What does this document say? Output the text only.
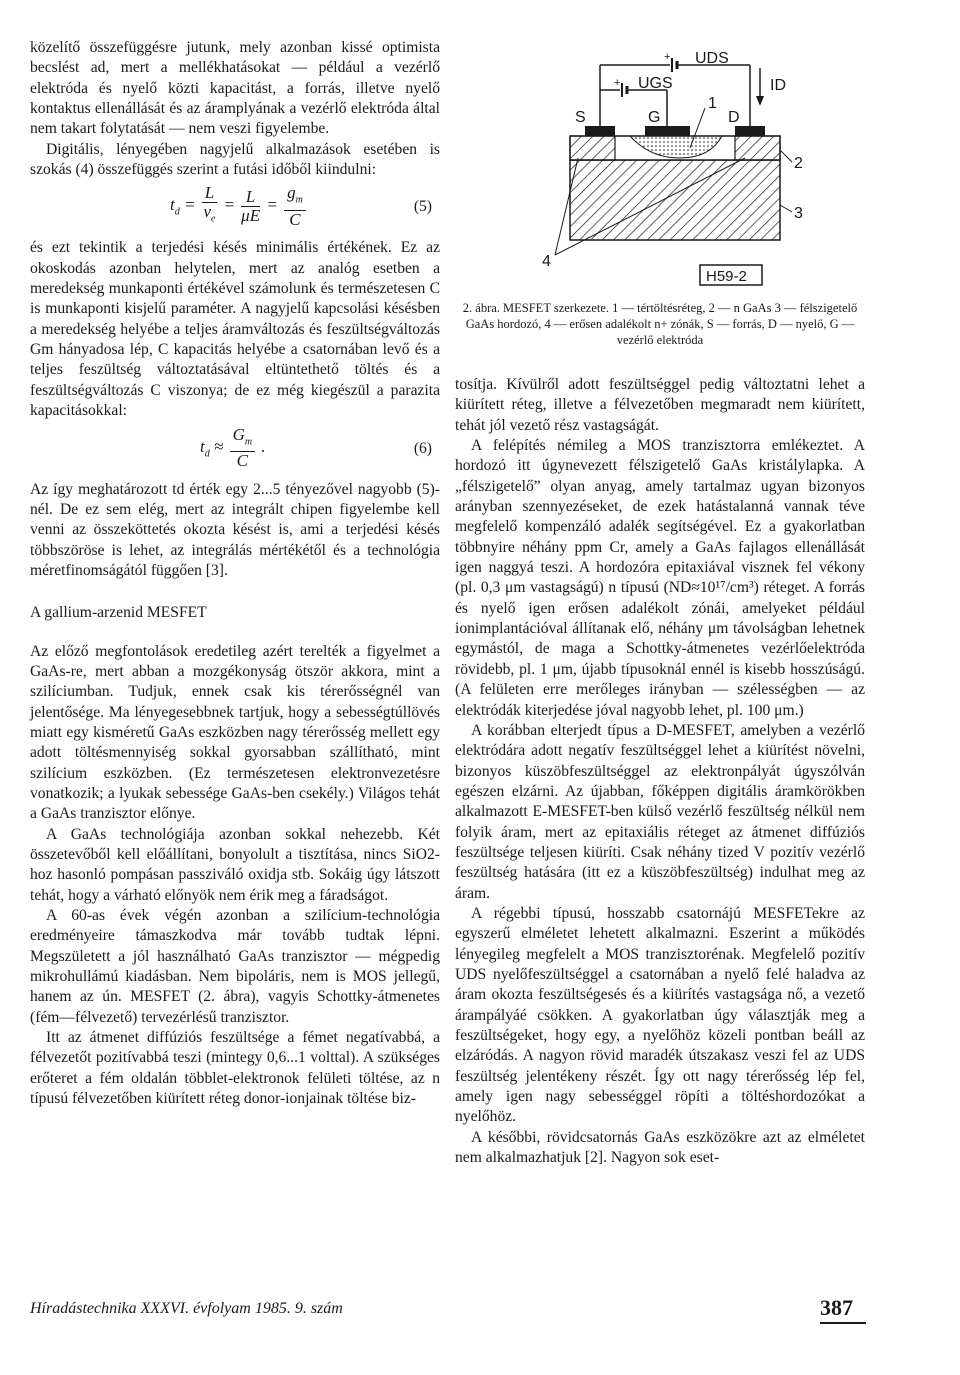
közelítő összefüggésre jutunk, mely azonban kissé optimista becslést ad, mert a mellékhatásokat — például a vezérlő elektróda és nyelő közti kapacitást, a forrás, illetve nyelő kontaktus ellenállását és az áramplyának a vezérlő elektróda által nem takart folytatását — nem veszi figyelembe.

Digitális, lényegében nagyjelű alkalmazások esetében is szokás (4) összefüggés szerint a futási időből kiindulni:

$t_d = \frac{L}{v_e} = \frac{L}{\mu E} = \frac{g_m}{C}$	(5)

és ezt tekintik a terjedési késés minimális értékének. Ez az okoskodás azonban helytelen, mert az analóg esetben a meredekség munkaponti értékével számolunk és természetesen C is munkaponti kisjelű paraméter. A nagyjelű kapcsolási késésben a meredekség helyébe a teljes áramváltozás és feszültségváltozás Gm hányadosa lép, C kapacitás helyébe a csatornában levő és a teljes feszültség változtatásával eltüntethető töltés és a feszültségváltozás C viszonya; de ez még kiegészül a parazita kapacitásokkal:

$t_d \approx \frac{G_m}{C}$ .	(6)

Az így meghatározott td érték egy 2...5 tényezővel nagyobb (5)-nél. De ez sem elég, mert az integrált chipen figyelembe kell venni az összeköttetés okozta késést is, ami a terjedési késés többszöröse is lehet, az integrálás mértékétől és a technológia méretfinomságától függően [3].

A gallium-arzenid MESFET

Az előző megfontolások eredetileg azért terelték a figyelmet a GaAs-re, mert abban a mozgékonyság ötször akkora, mint a szilíciumban. Tudjuk, ennek csak kis térerősségnél van jelentősége. Ma lényegesebbnek tartjuk, hogy a sebességtúllövés miatt egy kisméretű GaAs eszközben nagy térerősség mellett egy adott töltésmennyiség sokkal gyorsabban szállítható, mint szilícium eszközben. (Ez természetesen elektronvezetésre vonatkozik; a lyukak sebessége GaAs-ben csekély.) Világos tehát a GaAs tranzisztor előnye.

A GaAs technológiája azonban sokkal nehezebb. Két összetevőből kell előállítani, bonyolult a tisztítása, nincs SiO2-hoz hasonló pompásan passziváló oxidja stb. Sokáig úgy látszott tehát, hogy a várható előnyök nem érik meg a fáradságot.

A 60-as évek végén azonban a szilícium-technológia eredményeire támaszkodva már tovább tudtak lépni. Megszületett a jól használható GaAs tranzisztor — mégpedig mikrohullámú kiadásban. Nem bipoláris, nem is MOS jellegű, hanem az ún. MESFET (2. ábra), vagyis Schottky-átmenetes (fém—félvezető) tervezérlésű tranzisztor.

Itt az átmenet diffúziós feszültsége a fémet negatívabbá, a félvezetőt pozitívabbá teszi (mintegy 0,6...1 volttal). A szükséges erőteret a fém oldalán többlet-elektronok felületi töltése, az n típusú félvezetőben kiürített réteg donor-ionjainak töltése biz-

UDS
UGS	ID
S	G	D
1
2
3
4
+
+
H59-2
2. ábra. MESFET szerkezete. 1 — tértöltésréteg, 2 — n GaAs 3 — félszigetelő GaAs hordozó, 4 — erősen adalékolt n+ zónák, S — forrás, D — nyelő, G — vezérlő elektróda

tosítja. Kívülről adott feszültséggel pedig változtatni lehet a kiürített réteg, illetve a félvezetőben megmaradt nem kiürített, tehát jól vezető rész vastagságát.

A felépítés némileg a MOS tranzisztorra emlékeztet. A hordozó itt úgynevezett félszigetelő GaAs kristálylapka. A „félszigetelő” olyan anyag, amely tartalmaz ugyan bizonyos arányban szennyezéseket, de ezek hatástalanná vannak téve megfelelő kompenzáló adalék segítségével. Ez a gyakorlatban többnyire néhány ppm Cr, amely a GaAs fajlagos ellenállását igen naggyá teszi. A hordozóra epitaxiával visznek fel vékony (pl. 0,3 μm vastagságú) n típusú (ND≈10¹⁷/cm³) réteget. A forrás és nyelő igen erősen adalékolt zónái, amelyeket például ionimplantációval állítanak elő, néhány μm távolságban lehetnek egymástól, de maga a Schottky-átmenetes vezérlőelektróda rövidebb, pl. 1 μm, újabb típusoknál ennél is kisebb hosszúságú. (A felületen erre merőleges irányban — szélességben — az elektródák kiterjedése jóval nagyobb lehet, pl. 100 μm.)

A korábban elterjedt típus a D-MESFET, amelyben a vezérlő elektródára adott negatív feszültséggel lehet a kiürítést növelni, bizonyos küszöbfeszültséggel az elektronpályát úgyszólván egészen elzárni. Az újabban, főképpen digitális áramkörökben alkalmazott E-MESFET-ben külső vezérlő feszültség nélkül nem folyik áram, mert az epitaxiális réteget az átmenet diffúziós feszültsége teljesen kiüríti. Csak néhány tized V pozitív vezérlő feszültség hatására (itt ez a küszöbfeszültség) indulhat meg az áram.

A régebbi típusú, hosszabb csatornájú MESFETekre az egyszerű elméletet lehetett alkalmazni. Eszerint a működés lényegileg megfelelt a MOS tranzisztorénak. Megfelelő pozitív UDS nyelőfeszültséggel a csatornában a nyelő felé haladva az áram okozta feszültségesés és a kiürítés vastagsága nő, a vezető árampályáé csökken. A gyakorlatban úgy választják meg a feszültségeket, hogy egy, a nyelőhöz közeli pontban beáll az elzáródás. A nagyon rövid maradék útszakasz veszi fel az UDS feszültség jelentékeny részét. Így ott nagy térerősség lép fel, amely igen nagy sebességgel röpíti a töltéshordozókat a nyelőhöz.

A későbbi, rövidcsatornás GaAs eszközökre azt az elméletet nem alkalmazhatjuk [2]. Nagyon sok eset-

Híradástechnika XXXVI. évfolyam 1985. 9. szám	387
